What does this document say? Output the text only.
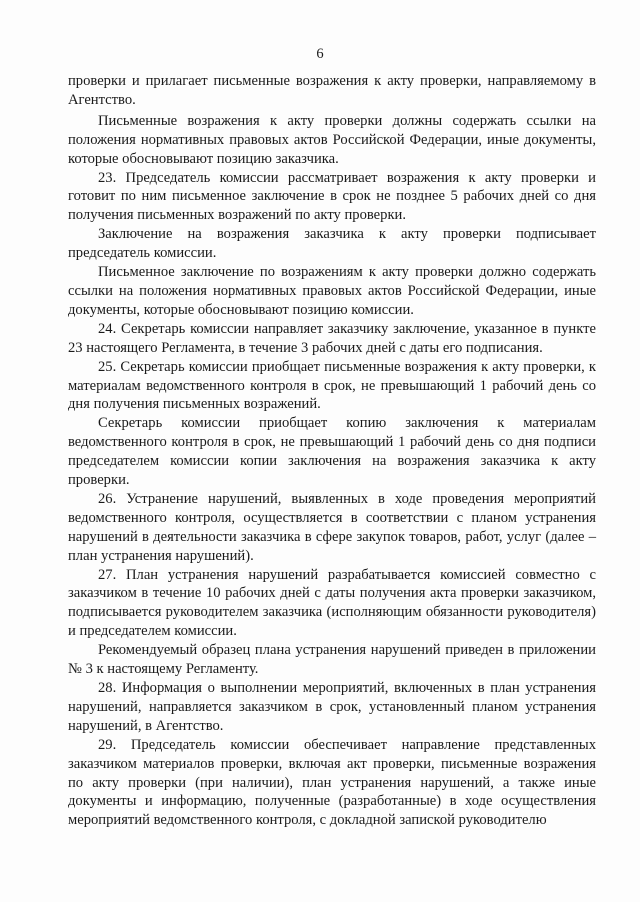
6

проверки и прилагает письменные возражения к акту проверки, направляемому в Агентство.

Письменные возражения к акту проверки должны содержать ссылки на положения нормативных правовых актов Российской Федерации, иные документы, которые обосновывают позицию заказчика.

23. Председатель комиссии рассматривает возражения к акту проверки и готовит по ним письменное заключение в срок не позднее 5 рабочих дней со дня получения письменных возражений по акту проверки.

Заключение на возражения заказчика к акту проверки подписывает председатель комиссии.

Письменное заключение по возражениям к акту проверки должно содержать ссылки на положения нормативных правовых актов Российской Федерации, иные документы, которые обосновывают позицию комиссии.

24. Секретарь комиссии направляет заказчику заключение, указанное в пункте 23 настоящего Регламента, в течение 3 рабочих дней с даты его подписания.

25. Секретарь комиссии приобщает письменные возражения к акту проверки, к материалам ведомственного контроля в срок, не превышающий 1 рабочий день со дня получения письменных возражений.

Секретарь комиссии приобщает копию заключения к материалам ведомственного контроля в срок, не превышающий 1 рабочий день со дня подписи председателем комиссии копии заключения на возражения заказчика к акту проверки.

26. Устранение нарушений, выявленных в ходе проведения мероприятий ведомственного контроля, осуществляется в соответствии с планом устранения нарушений в деятельности заказчика в сфере закупок товаров, работ, услуг (далее – план устранения нарушений).

27. План устранения нарушений разрабатывается комиссией совместно с заказчиком в течение 10 рабочих дней с даты получения акта проверки заказчиком, подписывается руководителем заказчика (исполняющим обязанности руководителя) и председателем комиссии.

Рекомендуемый образец плана устранения нарушений приведен в приложении № 3 к настоящему Регламенту.

28. Информация о выполнении мероприятий, включенных в план устранения нарушений, направляется заказчиком в срок, установленный планом устранения нарушений, в Агентство.

29. Председатель комиссии обеспечивает направление представленных заказчиком материалов проверки, включая акт проверки, письменные возражения по акту проверки (при наличии), план устранения нарушений, а также иные документы и информацию, полученные (разработанные) в ходе осуществления мероприятий ведомственного контроля, с докладной запиской руководителю
